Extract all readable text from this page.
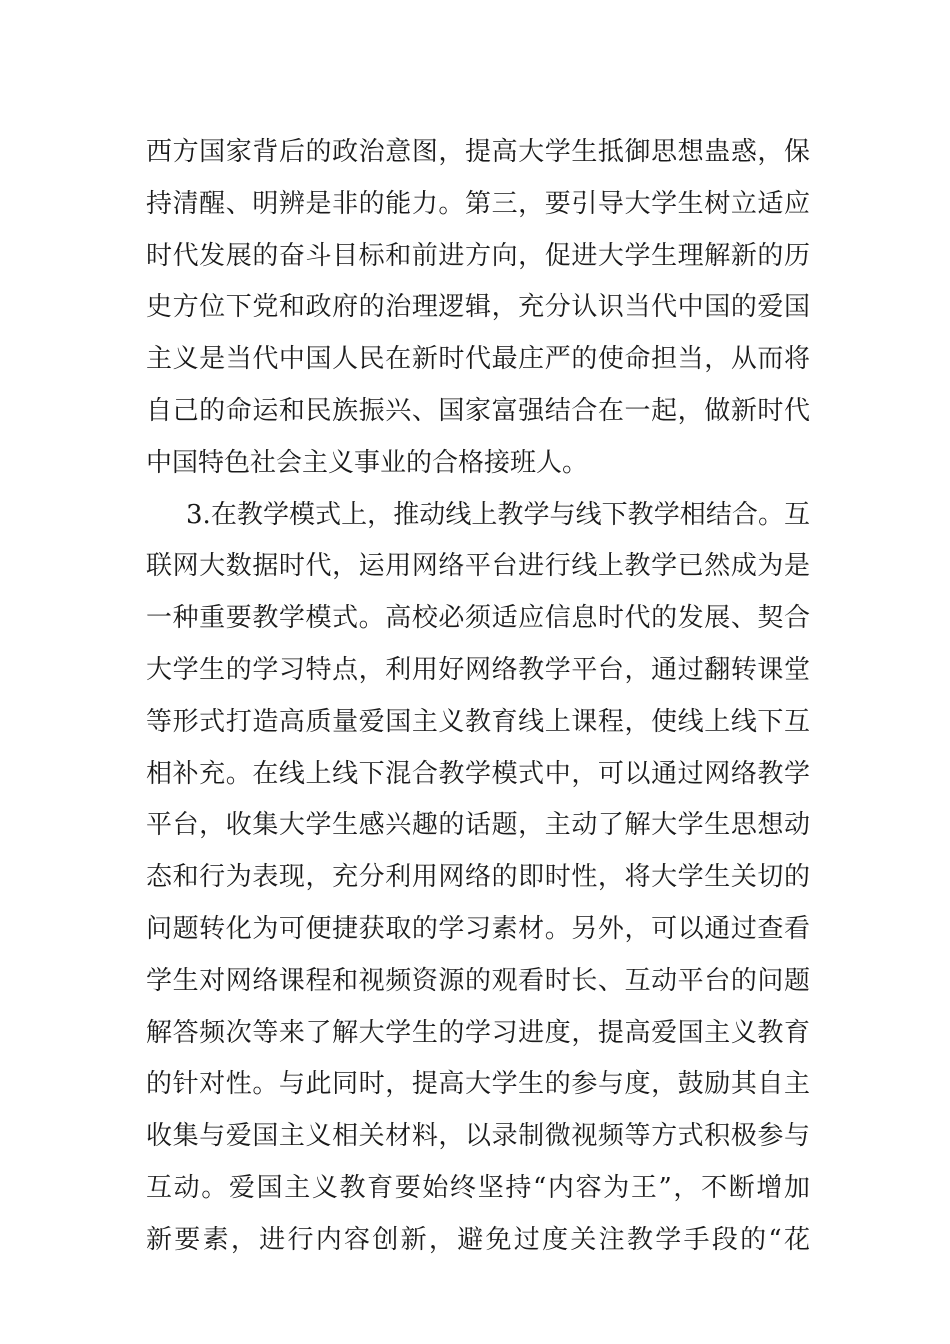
西方国家背后的政治意图，提高大学生抵御思想蛊惑，保
持清醒、明辨是非的能力。第三，要引导大学生树立适应
时代发展的奋斗目标和前进方向，促进大学生理解新的历
史方位下党和政府的治理逻辑，充分认识当代中国的爱国
主义是当代中国人民在新时代最庄严的使命担当，从而将
自己的命运和民族振兴、国家富强结合在一起，做新时代
中国特色社会主义事业的合格接班人。
3.在教学模式上，推动线上教学与线下教学相结合。互
联网大数据时代，运用网络平台进行线上教学已然成为是
一种重要教学模式。高校必须适应信息时代的发展、契合
大学生的学习特点，利用好网络教学平台，通过翻转课堂
等形式打造高质量爱国主义教育线上课程，使线上线下互
相补充。在线上线下混合教学模式中，可以通过网络教学
平台，收集大学生感兴趣的话题，主动了解大学生思想动
态和行为表现，充分利用网络的即时性，将大学生关切的
问题转化为可便捷获取的学习素材。另外，可以通过查看
学生对网络课程和视频资源的观看时长、互动平台的问题
解答频次等来了解大学生的学习进度，提高爱国主义教育
的针对性。与此同时，提高大学生的参与度，鼓励其自主
收集与爱国主义相关材料，以录制微视频等方式积极参与
互动。爱国主义教育要始终坚持“内容为王”，不断增加
新要素，进行内容创新，避免过度关注教学手段的“花
